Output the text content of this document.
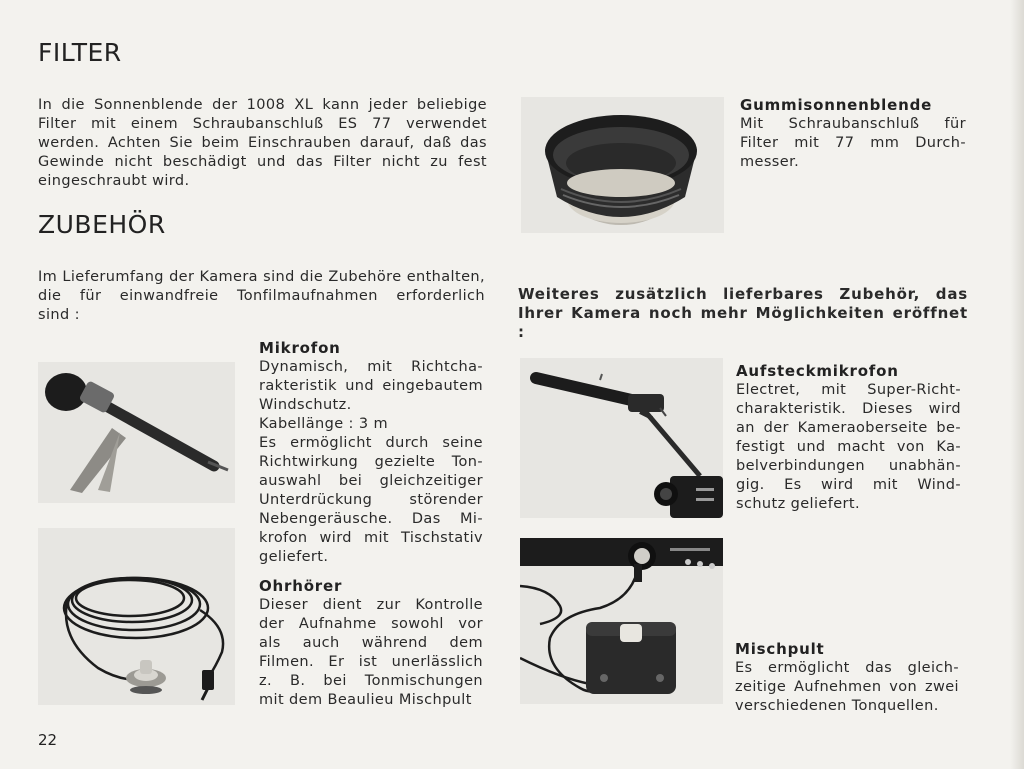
FILTER
In die Sonnenblende der 1008 XL kann jeder beliebige
Filter mit einem Schraubanschluß ES 77 verwendet
werden. Achten Sie beim Einschrauben darauf, daß das
Gewinde nicht beschädigt und das Filter nicht zu fest
eingeschraubt wird.
ZUBEHÖR
Im Lieferumfang der Kamera sind die Zubehöre enthalten,
die für einwandfreie Tonfilmaufnahmen erforderlich
sind :
Weiteres zusätzlich lieferbares Zubehör, das
Ihrer Kamera noch mehr Möglichkeiten eröffnet :
Gummisonnenblende
Mit Schraubanschluß für
Filter mit 77 mm Durch-
messer.
Mikrofon
Dynamisch, mit Richtcha-
rakteristik und eingebautem
Windschutz.
Kabellänge : 3 m
Es ermöglicht durch seine
Richtwirkung gezielte Ton-
auswahl bei gleichzeitiger
Unterdrückung störender
Nebengeräusche. Das Mi-
krofon wird mit Tischstativ
geliefert.
Ohrhörer
Dieser dient zur Kontrolle
der Aufnahme sowohl vor
als auch während dem
Filmen. Er ist unerlässlich
z. B. bei Tonmischungen
mit dem Beaulieu Mischpult
Aufsteckmikrofon
Electret, mit Super-Richt-
charakteristik. Dieses wird
an der Kameraoberseite be-
festigt und macht von Ka-
belverbindungen unabhän-
gig. Es wird mit Wind-
schutz geliefert.
Mischpult
Es ermöglicht das gleich-
zeitige Aufnehmen von zwei
verschiedenen Tonquellen.
22
